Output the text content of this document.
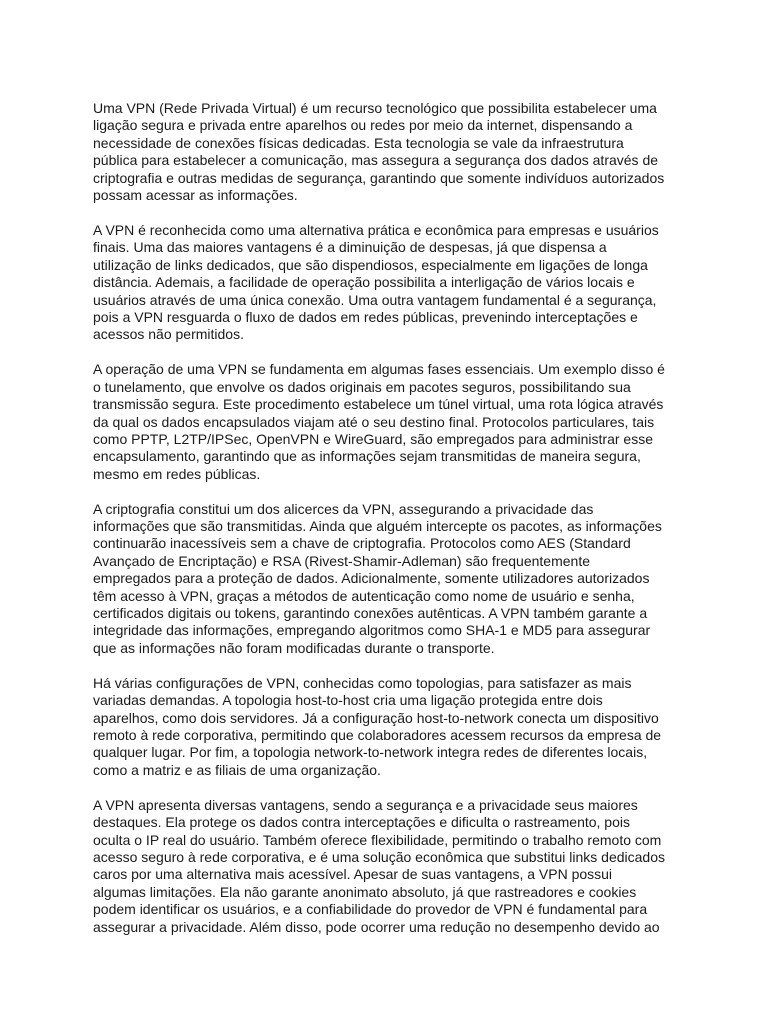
Uma VPN (Rede Privada Virtual) é um recurso tecnológico que possibilita estabelecer uma
ligação segura e privada entre aparelhos ou redes por meio da internet, dispensando a
necessidade de conexões físicas dedicadas. Esta tecnologia se vale da infraestrutura
pública para estabelecer a comunicação, mas assegura a segurança dos dados através de
criptografia e outras medidas de segurança, garantindo que somente indivíduos autorizados
possam acessar as informações.

A VPN é reconhecida como uma alternativa prática e econômica para empresas e usuários
finais. Uma das maiores vantagens é a diminuição de despesas, já que dispensa a
utilização de links dedicados, que são dispendiosos, especialmente em ligações de longa
distância. Ademais, a facilidade de operação possibilita a interligação de vários locais e
usuários através de uma única conexão. Uma outra vantagem fundamental é a segurança,
pois a VPN resguarda o fluxo de dados em redes públicas, prevenindo interceptações e
acessos não permitidos.

A operação de uma VPN se fundamenta em algumas fases essenciais. Um exemplo disso é
o tunelamento, que envolve os dados originais em pacotes seguros, possibilitando sua
transmissão segura. Este procedimento estabelece um túnel virtual, uma rota lógica através
da qual os dados encapsulados viajam até o seu destino final. Protocolos particulares, tais
como PPTP, L2TP/IPSec, OpenVPN e WireGuard, são empregados para administrar esse
encapsulamento, garantindo que as informações sejam transmitidas de maneira segura,
mesmo em redes públicas.

A criptografia constitui um dos alicerces da VPN, assegurando a privacidade das
informações que são transmitidas. Ainda que alguém intercepte os pacotes, as informações
continuarão inacessíveis sem a chave de criptografia. Protocolos como AES (Standard
Avançado de Encriptação) e RSA (Rivest-Shamir-Adleman) são frequentemente
empregados para a proteção de dados. Adicionalmente, somente utilizadores autorizados
têm acesso à VPN, graças a métodos de autenticação como nome de usuário e senha,
certificados digitais ou tokens, garantindo conexões autênticas. A VPN também garante a
integridade das informações, empregando algoritmos como SHA-1 e MD5 para assegurar
que as informações não foram modificadas durante o transporte.

Há várias configurações de VPN, conhecidas como topologias, para satisfazer as mais
variadas demandas. A topologia host-to-host cria uma ligação protegida entre dois
aparelhos, como dois servidores. Já a configuração host-to-network conecta um dispositivo
remoto à rede corporativa, permitindo que colaboradores acessem recursos da empresa de
qualquer lugar. Por fim, a topologia network-to-network integra redes de diferentes locais,
como a matriz e as filiais de uma organização.

A VPN apresenta diversas vantagens, sendo a segurança e a privacidade seus maiores
destaques. Ela protege os dados contra interceptações e dificulta o rastreamento, pois
oculta o IP real do usuário. Também oferece flexibilidade, permitindo o trabalho remoto com
acesso seguro à rede corporativa, e é uma solução econômica que substitui links dedicados
caros por uma alternativa mais acessível. Apesar de suas vantagens, a VPN possui
algumas limitações. Ela não garante anonimato absoluto, já que rastreadores e cookies
podem identificar os usuários, e a confiabilidade do provedor de VPN é fundamental para
assegurar a privacidade. Além disso, pode ocorrer uma redução no desempenho devido ao
